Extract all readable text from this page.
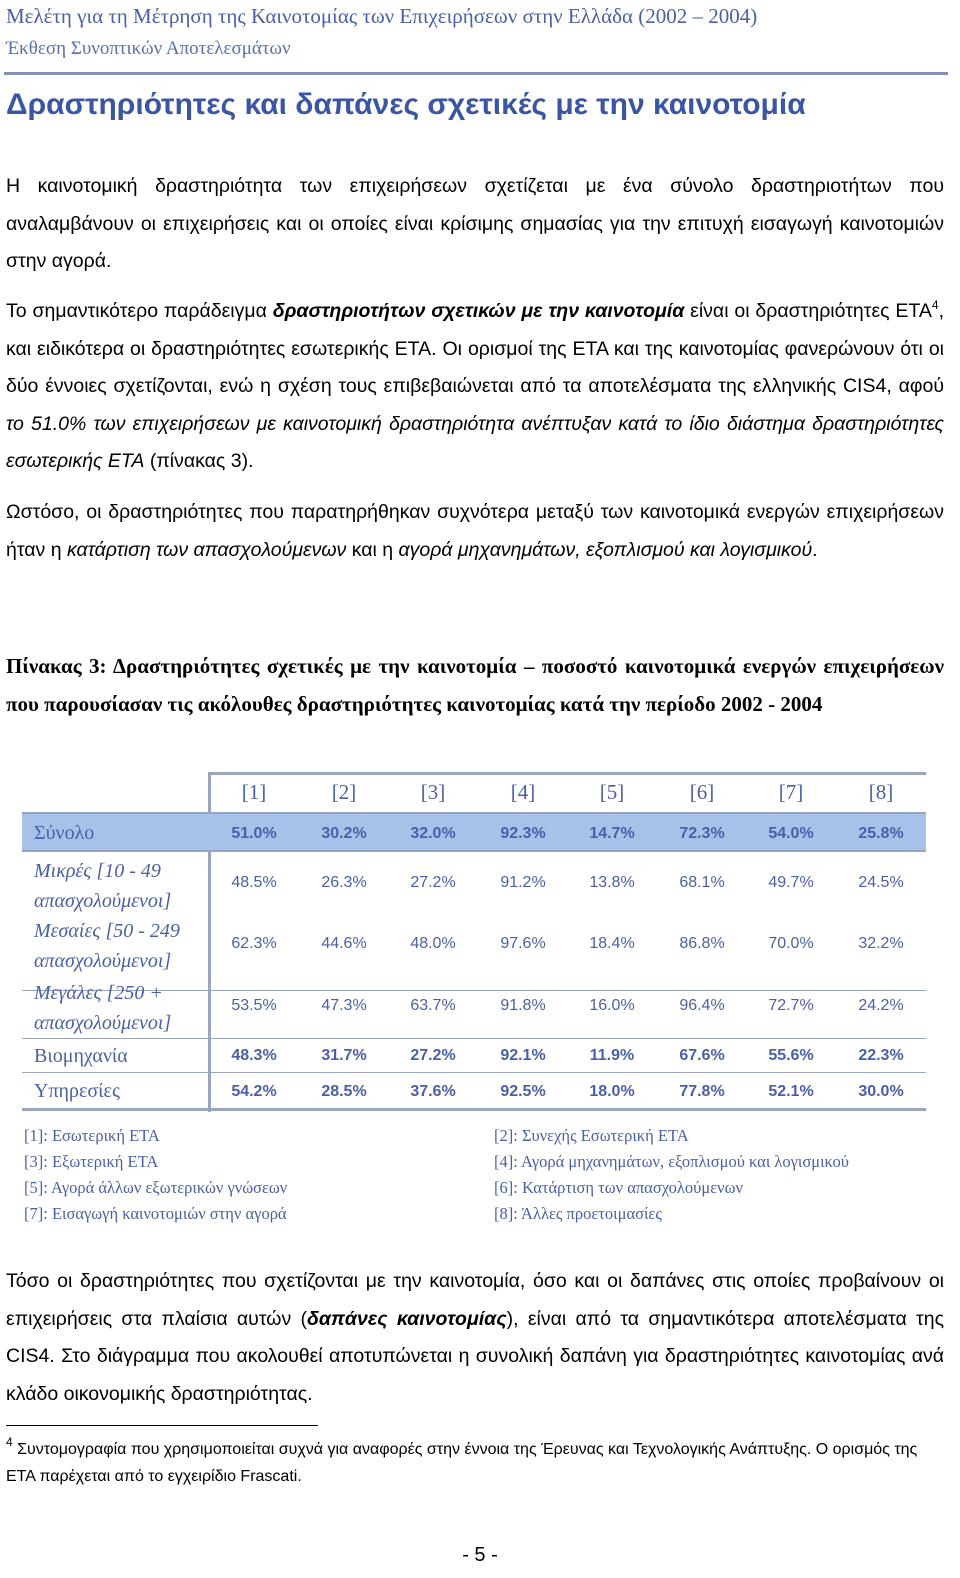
Μελέτη για τη Μέτρηση της Καινοτομίας των Επιχειρήσεων στην Ελλάδα (2002 – 2004)
Έκθεση Συνοπτικών Αποτελεσμάτων
Δραστηριότητες και δαπάνες σχετικές με την καινοτομία
Η καινοτομική δραστηριότητα των επιχειρήσεων σχετίζεται με ένα σύνολο δραστηριοτήτων που αναλαμβάνουν οι επιχειρήσεις και οι οποίες είναι κρίσιμης σημασίας για την επιτυχή εισαγωγή καινοτομιών στην αγορά.
Το σημαντικότερο παράδειγμα δραστηριοτήτων σχετικών με την καινοτομία είναι οι δραστηριότητες ΕΤΑ$^4$, και ειδικότερα οι δραστηριότητες εσωτερικής ΕΤΑ. Οι ορισμοί της ΕΤΑ και της καινοτομίας φανερώνουν ότι οι δύο έννοιες σχετίζονται, ενώ η σχέση τους επιβεβαιώνεται από τα αποτελέσματα της ελληνικής CIS4, αφού το 51.0% των επιχειρήσεων με καινοτομική δραστηριότητα ανέπτυξαν κατά το ίδιο διάστημα δραστηριότητες εσωτερικής ΕΤΑ (πίνακας 3).
Ωστόσο, οι δραστηριότητες που παρατηρήθηκαν συχνότερα μεταξύ των καινοτομικά ενεργών επιχειρήσεων ήταν η κατάρτιση των απασχολούμενων και η αγορά μηχανημάτων, εξοπλισμού και λογισμικού.
Πίνακας 3: Δραστηριότητες σχετικές με την καινοτομία – ποσοστό καινοτομικά ενεργών επιχειρήσεων που παρουσίασαν τις ακόλουθες δραστηριότητες καινοτομίας κατά την περίοδο 2002 - 2004
[1]	[2]	[3]	[4]	[5]	[6]	[7]	[8]
Σύνολο	51.0%	30.2%	32.0%	92.3%	14.7%	72.3%	54.0%	25.8%
Μικρές [10 - 49
απασχολούμενοι]
48.5%	26.3%	27.2%	91.2%	13.8%	68.1%	49.7%	24.5%
Μεσαίες [50 - 249
απασχολούμενοι]
62.3%	44.6%	48.0%	97.6%	18.4%	86.8%	70.0%	32.2%
Μεγάλες [250 +
απασχολούμενοι]
53.5%	47.3%	63.7%	91.8%	16.0%	96.4%	72.7%	24.2%
Βιομηχανία	48.3%	31.7%	27.2%	92.1%	11.9%	67.6%	55.6%	22.3%
Υπηρεσίες	54.2%	28.5%	37.6%	92.5%	18.0%	77.8%	52.1%	30.0%
[1]: Εσωτερική ΕΤΑ	[2]: Συνεχής Εσωτερική ΕΤΑ
[3]: Εξωτερική ΕΤΑ	[4]: Αγορά μηχανημάτων, εξοπλισμού και λογισμικού
[5]: Αγορά άλλων εξωτερικών γνώσεων	[6]: Κατάρτιση των απασχολούμενων
[7]: Εισαγωγή καινοτομιών στην αγορά	[8]: Άλλες προετοιμασίες
Τόσο οι δραστηριότητες που σχετίζονται με την καινοτομία, όσο και οι δαπάνες στις οποίες προβαίνουν οι επιχειρήσεις στα πλαίσια αυτών (δαπάνες καινοτομίας), είναι από τα σημαντικότερα αποτελέσματα της CIS4. Στο διάγραμμα που ακολουθεί αποτυπώνεται η συνολική δαπάνη για δραστηριότητες καινοτομίας ανά κλάδο οικονομικής δραστηριότητας.
$^4$ Συντομογραφία που χρησιμοποιείται συχνά για αναφορές στην έννοια της Έρευνας και Τεχνολογικής Ανάπτυξης. Ο ορισμός της ΕΤΑ παρέχεται από το εγχειρίδιο Frascati.
- 5 -
